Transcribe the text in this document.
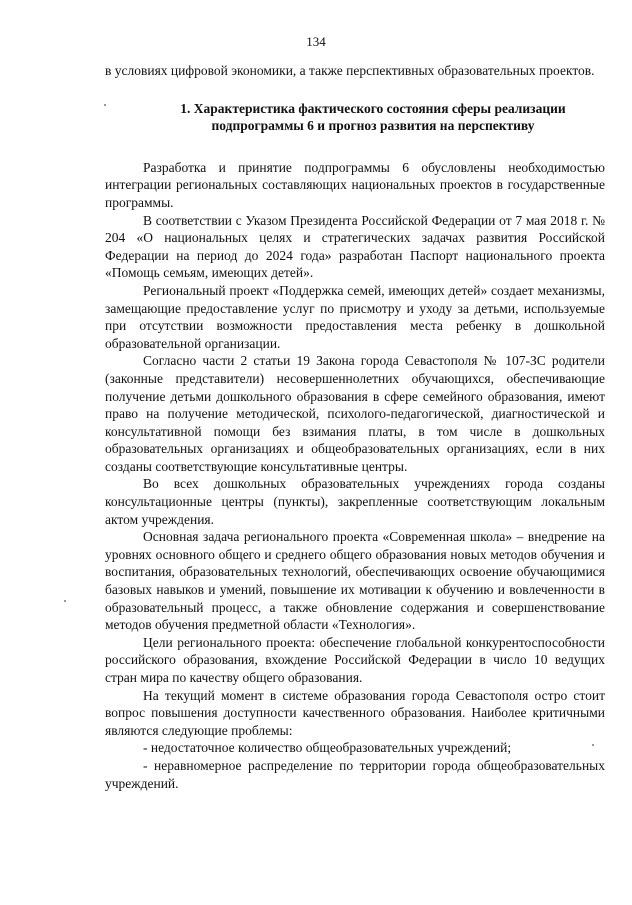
134

в условиях цифровой экономики, а также перспективных образовательных проектов.

1. Характеристика фактического состояния сферы реализации
подпрограммы 6 и прогноз развития на перспективу

Разработка и принятие подпрограммы 6 обусловлены необходимостью интеграции региональных составляющих национальных проектов в государственные программы.

В соответствии с Указом Президента Российской Федерации от 7 мая 2018 г. № 204 «О национальных целях и стратегических задачах развития Российской Федерации на период до 2024 года» разработан Паспорт национального проекта «Помощь семьям, имеющих детей».

Региональный проект «Поддержка семей, имеющих детей» создает механизмы, замещающие предоставление услуг по присмотру и уходу за детьми, используемые при отсутствии возможности предоставления места ребенку в дошкольной образовательной организации.

Согласно части 2 статьи 19 Закона города Севастополя № 107-ЗС родители (законные представители) несовершеннолетних обучающихся, обеспечивающие получение детьми дошкольного образования в сфере семейного образования, имеют право на получение методической, психолого-педагогической, диагностической и консультативной помощи без взимания платы, в том числе в дошкольных образовательных организациях и общеобразовательных организациях, если в них созданы соответствующие консультативные центры.

Во всех дошкольных образовательных учреждениях города созданы консультационные центры (пункты), закрепленные соответствующим локальным актом учреждения.

Основная задача регионального проекта «Современная школа» – внедрение на уровнях основного общего и среднего общего образования новых методов обучения и воспитания, образовательных технологий, обеспечивающих освоение обучающимися базовых навыков и умений, повышение их мотивации к обучению и вовлеченности в образовательный процесс, а также обновление содержания и совершенствование методов обучения предметной области «Технология».

Цели регионального проекта: обеспечение глобальной конкурентоспособности российского образования, вхождение Российской Федерации в число 10 ведущих стран мира по качеству общего образования.

На текущий момент в системе образования города Севастополя остро стоит вопрос повышения доступности качественного образования. Наиболее критичными являются следующие проблемы:

- недостаточное количество общеобразовательных учреждений;

- неравномерное распределение по территории города общеобразовательных учреждений.
